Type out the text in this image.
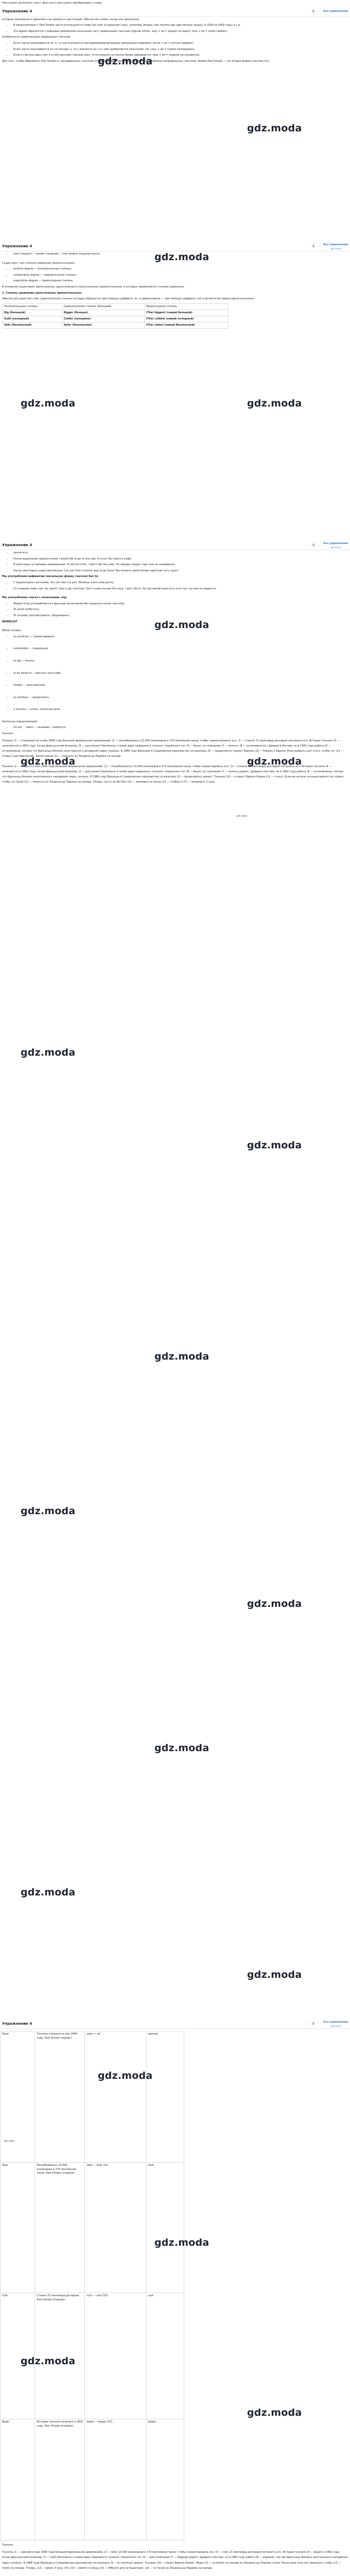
Нам нужно дополнить текст. Для этого нам нужно преобразовать слова,

Упражнение 4	‹ 5 › Все упражнения

которые произошли в прошлом и не связаны о настоящим. Обычно мы знаем, когда оно произошло.

• В предложениях с Past Simple часто используются слова last year (в прошлом году), yesterday (вчера), two months ago (два месяца назад), in 2009 (в 2009 году) и т.д.
• Это время образуется с помощью добавления окончания -ed к правильным глаголам (regular verbs): stay + ed = stayed (оставил), love + ed = loved (любил).

Особенности правописания правильных глаголов:

• Если глагол оканчивается на -е, то она опускается при формировании формы прошедшего времени: arrive + ed = arrived (прибыл).
• Если глагол оканчивается на согласную -у, то у меняется на i и к ней прибавляется окончание -ed: copy + ed = copied (скопирован).
• Если в глаголе один слог и в нём краткий гласный звук, то последняя согласная буква удваивается: stop + ed = stopped (остановился).

Для того, чтобы образовать Past Simple от неправильных глаголов (irregular verbs), нам нужно обратиться к таблице неправильных глаголов. Форма Past Simple — это вторая форма глагола (V2).

gdz.moda
gdz.moda
Упражнение 4	‹ 5 › Все упражнения
gdz.moda
• hard (трудно) — harder (труднее) — the hardest (труднее всего)

Существует три степени сравнения прилагательных:

• positive degree — положительная степень;
• comparative degree — сравнительная степень;
• superlative degree — превосходная степень.

В основном существуют односложные, двухсложные и многосложные прилагательные, в которых применяются степени сравнения.

1. Степень сравнения односложных прилагательных.

Обычно для коротких слов, сравнительная степень которых образуется при помощи суффикса -er, а превосходная — при помощи суффикса -est и артикля the перед прилагательным.

Положительная степень	Сравнительная степень (Бóльший)	Превосходная степень
Big (большой)	Bigger (больше)	(The) biggest (самый большой)
Gold (холодный)	Colder (холоднее)	(The) coldest (самый холодный)
Safe (безопасный)	Safer (безопаснее)	(The) safest (самый безопасный)
gdz.moda
gdz.moda	gdz.moda
Упражнение 4	‹ 5 › Все упражнения
gdz.moda
• прочитать.
• После выражения предпочтения I would like to go to the cafe. Я хотел бы пойти в кафе.
• В некоторых устойчивых выражениях. To tell the truth, I didn't like the cake. По правде говоря, торт мне не понравился.
• После некоторых существительных: Can you find a shorter way to go there? Вы можете найти более короткий путь туда?

Мы употребляем инфинитив (начальную форму глагола) без to:

• С модальными глаголами. You can take my pen. Можешь взять мою ручку.
• Со словами make, see, let, watch, hear и др.глаголах. Don't make me eat this soup. I don't like it. Не заставляй меня есть этот суп, он мне не нравится.

Мы употребляем глагол с окончанием -ing:

• Форма V-ing употребляется в функции дополнения без предлога после глаголов:
• To avoid (избегать),
• To consider (рассматривать, обдумывать).

WORDLIST

Words (слова):

• to construct — спроектировать
• underwater — подводный
• to dig — копать
• to be afraid of — бояться чего-либо
• foreign — иностранный
• to continue — продолжать
• a success — успех, успешное дело

Sentences (предложения):

• (to be) ... taken — занимает, требуется

Туннель

Туннель (1 — открывается) в мае 1994 года большой формальной церемонией. (2 — потребовалось) 13.000 инженеров и 170 миллионов часов, чтобы спроектировать его. (3 — стоило) 21 миллиард долларов построить его. История туннеля (4 — начинается) в 1802 году, когда французский инженер, (5 — рассказал) Наполеону о своей идее подводного туннеля. Серьёзного тут (6 — было) тут компания (7 — копать) (8 — остановиться) с Дувром в Англии, но в 1882 году работа (8 — остановлена), потому что британцы боялись иностранного нападения через туннель. В 1986 году Франция и Соединённое королевство согласились (9 — продолжить) проект Европы (10 — ближе) к Европе. Если выбрать для этого, чтобы тут (11 — открыт) для британцев. Зачем поезд (12 — поехать) из Лондона до Парижа на поезде.

Туннель (1 — открыт) в мае 1994 года большой формальной церемонией. (2 — потребовалось) 13.000 инженеров и 170 миллионов часов, чтобы спроектировать его. (3 — стоило) 21 миллиард долларов построить его. История туннеля (4 — начинается) в 1802 году, когда французский инженер, (5 — рассказал) Наполеону о своей идее подводного туннеля. Серьёзного тут (6 — было) тут компания (7 — копать) рядом с Дувром в Англии, но в 1882 году работа (8 — остановлена), потому что британцы боялись иностранного нападения через туннель. В 1986 году Франция и Соединённое королевство согласились (9 — продолжить) проект. Туннель (10 — открыт) Европе ближе (11 — стать). Если вы хотели путешествовать по стране, чтобы тут были (12 — поехать) из Лондона до Парижа на поезде. Теперь, пусть он бы был (13 — занимает) и поезд (14 — чтобы) и (15 — занимает) 3 часа.

gdz.moda
gdz.moda	gdz.moda
gdz.moda
gdz.moda
gdz.moda
gdz.moda
gdz.moda
gdz.moda
gdz.moda
gdz.moda
gdz.moda
Упражнение 4	‹ 5 › Все упражнения
gdz.moda
Open	Туннель открылся в мае 1994 года. Past Simple (regular)	open → ed	opened
Take	Потребовалось 13.000 инженеров и 170 миллионов часов. Past Simple (irregular)	take — took (V2)	took
Cost	Стоило 21 миллиард долларов. Past Simple (irregular)	cost — cost (V2)	cost
Begin	История туннеля началась в 1802 году. Past Simple (irregular)	begin — began (V2)	began

Туннель

Туннель (1 — opened) в мае 1994 года большой формальной церемонией. (2 — took) 13.000 инженеров и 170 миллионов часов, чтобы спроектировать его. (3 — cost) 21 миллиард долларов построить его. История туннеля (4 — began) в 1802 году, когда французский инженер, (5 — told) Наполеону о своей идее подводного туннеля. Серьёзного тут (6 — was) компания (7 — digging) рядом с Дувром в Англии, но в 1882 году работа (8 — stopped), так как британцы боялись иностранного нападения через туннель. В 1986 году Франция и Соединённое королевство согласились (9 — to continue) проект. Туннель (10 — closer) Европе ближе. Люди (11 — to travel) на поезде из Лондона до Парижа стали. После всех этих лет довольно, чтобы (12 — more) на поезде. Теперь, (13 — takes) 3 часа. Это (14 — better) и поезд (15 — difficult) для путешествия. (16 — to travel) из Лондона до Парижа на поезде.

gdz.moda
gdz.moda
gdz.moda
gdz.moda
gdz.moda
